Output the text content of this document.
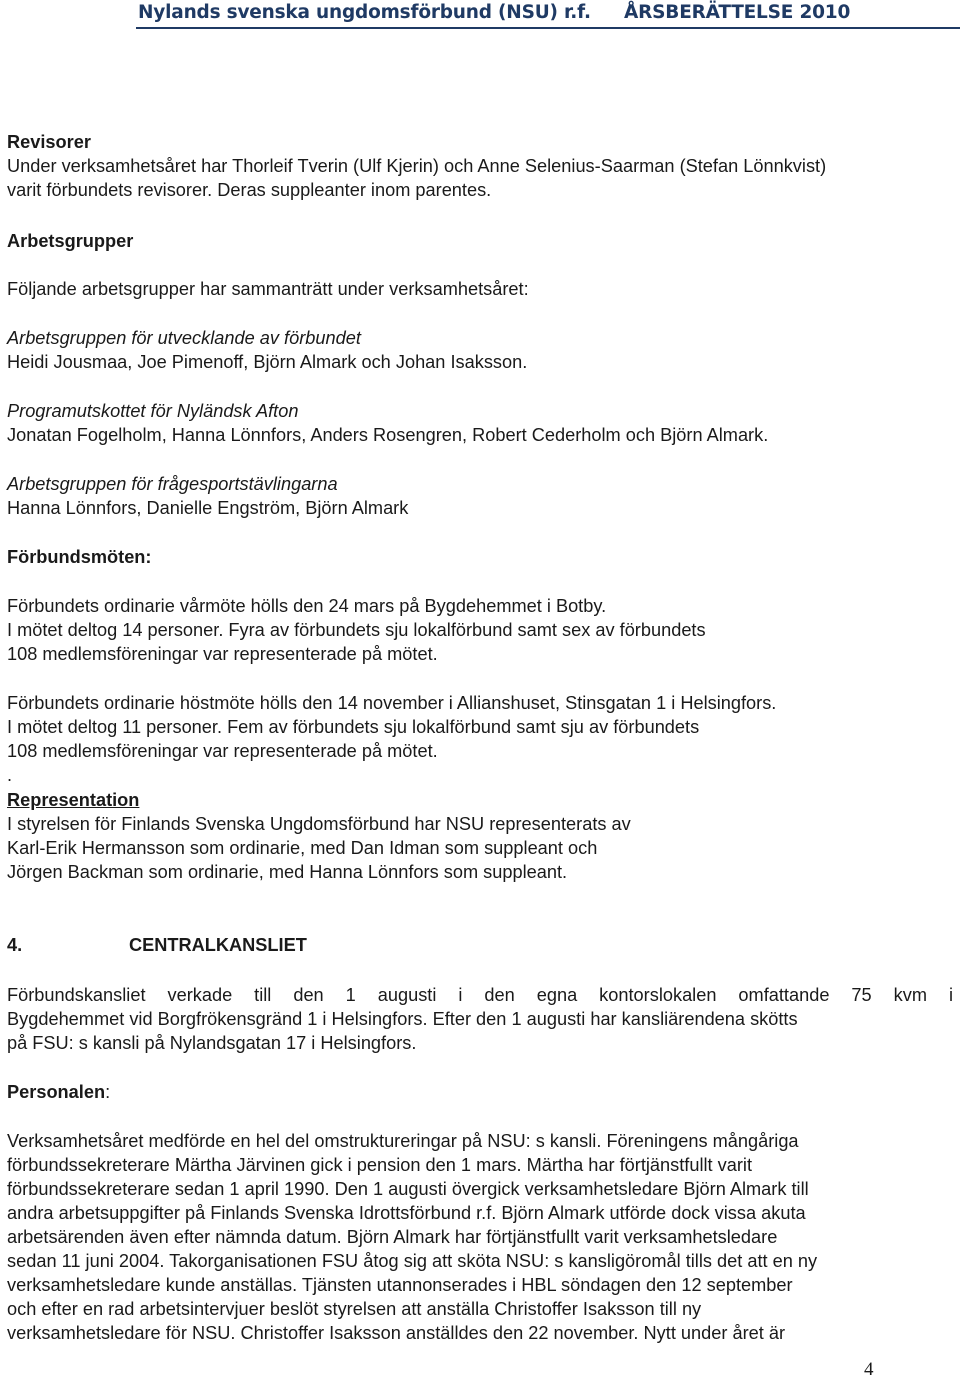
Nylands svenska ungdomsförbund (NSU) r.f. ÅRSBERÄTTELSE 2010
Revisorer
Under verksamhetsåret har Thorleif Tverin (Ulf Kjerin) och Anne Selenius-Saarman (Stefan Lönnkvist)
varit förbundets revisorer. Deras suppleanter inom parentes.
Arbetsgrupper
Följande arbetsgrupper har sammanträtt under verksamhetsåret:
Arbetsgruppen för utvecklande av förbundet
Heidi Jousmaa, Joe Pimenoff, Björn Almark och Johan Isaksson.
Programutskottet för Nyländsk Afton
Jonatan Fogelholm, Hanna Lönnfors, Anders Rosengren, Robert Cederholm och Björn Almark.
Arbetsgruppen för frågesportstävlingarna
Hanna Lönnfors, Danielle Engström, Björn Almark
Förbundsmöten:
Förbundets ordinarie vårmöte hölls den 24 mars på Bygdehemmet i Botby.
I mötet deltog 14 personer. Fyra av förbundets sju lokalförbund samt sex av förbundets
108 medlemsföreningar var representerade på mötet.
Förbundets ordinarie höstmöte hölls den 14 november i Allianshuset, Stinsgatan 1 i Helsingfors.
I mötet deltog 11 personer. Fem av förbundets sju lokalförbund samt sju av förbundets
108 medlemsföreningar var representerade på mötet.
.
Representation
I styrelsen för Finlands Svenska Ungdomsförbund har NSU representerats av
Karl-Erik Hermansson som ordinarie, med Dan Idman som suppleant och
Jörgen Backman som ordinarie, med Hanna Lönnfors som suppleant.
4.	CENTRALKANSLIET
Förbundskansliet verkade till den 1 augusti i den egna kontorslokalen omfattande 75 kvm i
Bygdehemmet vid Borgfrökensgränd 1 i Helsingfors. Efter den 1 augusti har kansliärendena skötts
på FSU: s kansli på Nylandsgatan 17 i Helsingfors.
Personalen:
Verksamhetsåret medförde en hel del omstruktureringar på NSU: s kansli. Föreningens mångåriga
förbundssekreterare Märtha Järvinen gick i pension den 1 mars. Märtha har förtjänstfullt varit
förbundssekreterare sedan 1 april 1990. Den 1 augusti övergick verksamhetsledare Björn Almark till
andra arbetsuppgifter på Finlands Svenska Idrottsförbund r.f. Björn Almark utförde dock vissa akuta
arbetsärenden även efter nämnda datum. Björn Almark har förtjänstfullt varit verksamhetsledare
sedan 11 juni 2004. Takorganisationen FSU åtog sig att sköta NSU: s kansligöromål tills det att en ny
verksamhetsledare kunde anställas. Tjänsten utannonserades i HBL söndagen den 12 september
och efter en rad arbetsintervjuer beslöt styrelsen att anställa Christoffer Isaksson till ny
verksamhetsledare för NSU. Christoffer Isaksson anställdes den 22 november. Nytt under året är
4
